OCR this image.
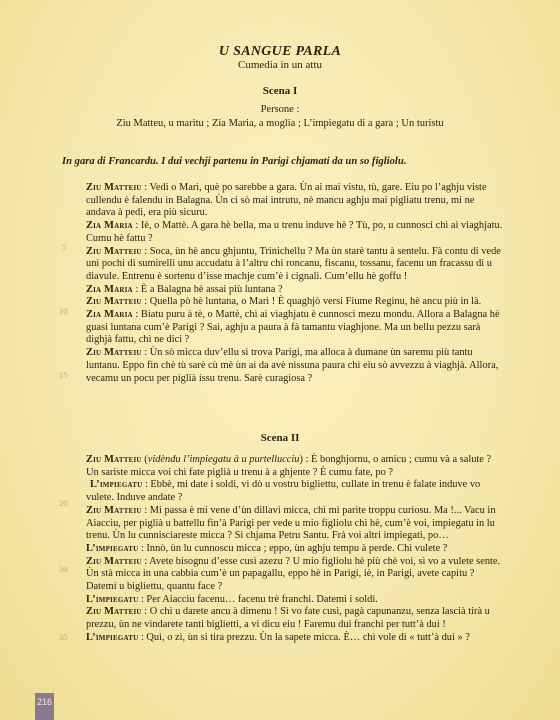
U SANGUE PARLA
Cumedia in un attu
Scena I
Persone :
Ziu Matteu, u maritu ; Zia Maria, a moglia ; L’impiegatu di a gara ; Un turistu
In gara di Francardu. I dui vechji partenu in Parigi chjamati da un so figliolu.

Ziu Matteiu : Vedi o Marì, què po sarebbe a gara. Ùn ai mai vistu, tù, gare. Eiu po l’aghju viste cullendu è falendu in Balagna. Ùn ci sò mai intrutu, nè mancu aghju mai pigliatu trenu, mi ne andava à pedi, era più sicuru.

Zia Maria : Iè, o Mattè. A gara hè bella, ma u trenu induve hè ? Tù, po, u cunnosci chì ai viaghjatu. Cumu hè fattu ?

Ziu Matteiu : Soca, ùn hè ancu ghjuntu, Trinichellu ? Ma ùn starè tantu à sentelu. Fà contu di vede unì pochi di sumirelli unu accudatu à l’altru chì roncanu, fiscanu, tossanu, facenu un fracassu di u diavule. Entrenu è sortenu d’isse machje cum’è i cignali. Cum’ellu hè goffu !

Zia Maria : È a Balagna hè assai più luntana ?

Ziu Matteiu : Quella pò hè luntana, o Marì ! È quaghjò versi Fiume Reginu, hè ancu più in là.

Zia Maria : Biatu puru à tè, o Mattè, chì ai viaghjatu è cunnosci mezu mondu. Allora a Balagna hè guasi luntana cum’è Parigi ? Sai, aghju a paura à fà tamantu viaghjone. Ma un bellu pezzu sarà dighjà fattu, chì ne dici ?

Ziu Matteiu : Ùn sò micca duv’ellu si trova Parigi, ma alloca à dumane ùn saremu più tantu luntanu. Eppo fin chè tù sarè cù mè ùn ai da avè nissuna paura chì eiu sò avvezzu à viaghjà. Allora, vecamu un pocu per piglià issu trenu. Sarè curagiosa ?

Scena II

Ziu Matteiu (vidèndu l’impiegatu à u purtellucciu) : È bonghjornu, o amicu ; cumu và a salute ? Un sariste micca voi chì fate piglià u trenu à a ghjente ? È cumu fate, po ?

L’impiegatu : Ebbè, mi date i soldi, vi dò u vostru bigliettu, cullate in trenu è falate induve vo vulete. Induve andate ?

Ziu Matteiu : Mi passa è mi vene d’ùn dillavi micca, chì mi parite troppu curiosu. Ma !... Vacu in Aiacciu, per piglià u battellu fin’à Parigi per vede u mio figliolu chì hè, cum’è voi, impiegatu in lu trenu. Ùn lu cunnisciareste micca ? Si chjama Petru Santu. Frà voi altri impiegati, po…

L’impiegatu : Innò, ùn lu cunnoscu micca ; eppo, ùn aghju tempu à perde. Chì vulete ?

Ziu Matteiu : Avete bisognu d’esse cusì azezu ? U mio figliolu hè più chè voi, sì vo a vulete sente. Ùn stà micca in una cabbia cum’è un papagallu, eppo hè in Parigi, iè, in Parigi, avete capitu ? Datemi u bigliettu, quantu face ?

L’impiegatu : Per Aiacciu facenu… facenu trè franchi. Datemi i soldi.

Ziu Matteiu : O chì u darete ancu à dimenu ! Sì vo fate cusì, pagà capunanzu, senza lascià tirà u prezzu, ùn ne vindarete tanti biglietti, a vi dicu eiu ! Faremu dui franchi per tutt’à dui !

L’impiegatu : Quì, o zì, ùn si tira prezzu. Ùn la sapete micca. È… chì vole dì « tutt’à dui » ?

5
10
15
20
30
35
216
